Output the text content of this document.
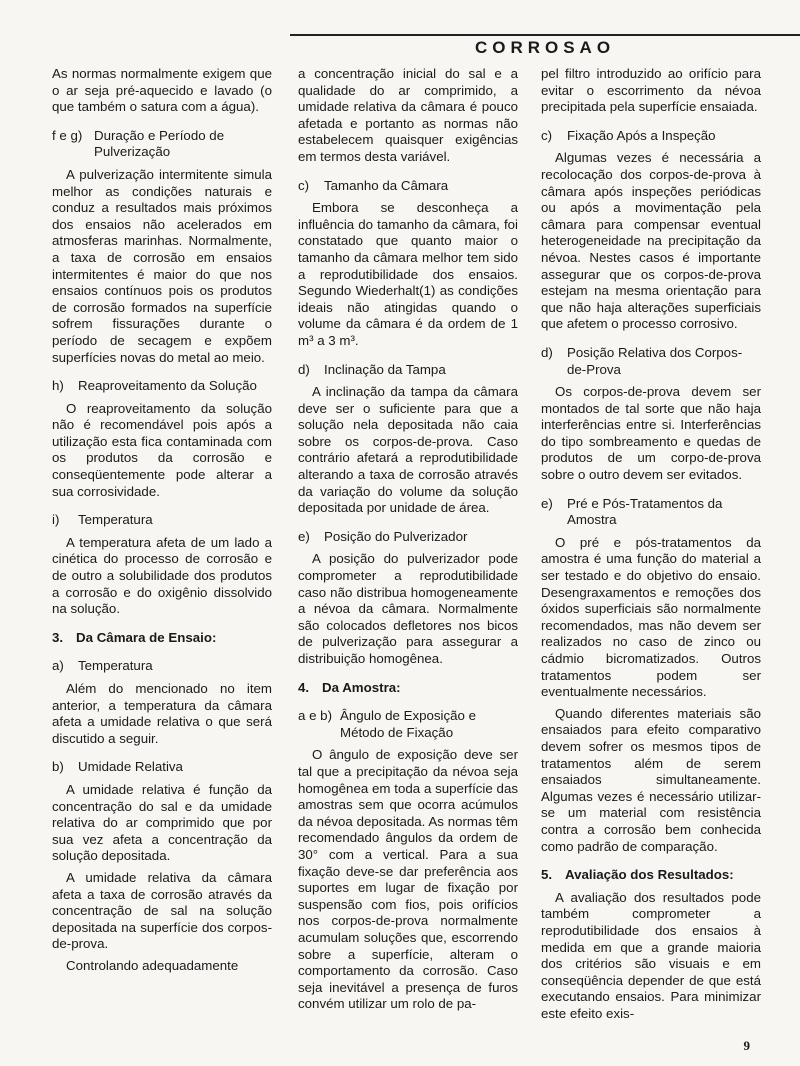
CORROSAO

As normas normalmente exigem que o ar seja pré-aquecido e lavado (o que também o satura com a água).

f e g) Duração e Período de Pulverização

A pulverização intermitente simula melhor as condições naturais e conduz a resultados mais próximos dos ensaios não acelerados em atmosferas marinhas. Normalmente, a taxa de corrosão em ensaios intermitentes é maior do que nos ensaios contínuos pois os produtos de corrosão formados na superfície sofrem fissurações durante o período de secagem e expõem superfícies novas do metal ao meio.

h)	Reaproveitamento da Solução

O reaproveitamento da solução não é recomendável pois após a utilização esta fica contaminada com os produtos da corrosão e conseqüentemente pode alterar a sua corrosividade.

i)	Temperatura

A temperatura afeta de um lado a cinética do processo de corrosão e de outro a solubilidade dos produtos a corrosão e do oxigênio dissolvido na solução.

3. Da Câmara de Ensaio:
a)	Temperatura

Além do mencionado no item anterior, a temperatura da câmara afeta a umidade relativa o que será discutido a seguir.

b)	Umidade Relativa

A umidade relativa é função da concentração do sal e da umidade relativa do ar comprimido que por sua vez afeta a concentração da solução depositada.

A umidade relativa da câmara afeta a taxa de corrosão através da concentração de sal na solução depositada na superfície dos corpos-de-prova.

Controlando adequadamente

a concentração inicial do sal e a qualidade do ar comprimido, a umidade relativa da câmara é pouco afetada e portanto as normas não estabelecem quaisquer exigências em termos desta variável.

c)	Tamanho da Câmara

Embora se desconheça a influência do tamanho da câmara, foi constatado que quanto maior o tamanho da câmara melhor tem sido a reprodutibilidade dos ensaios. Segundo Wiederhalt(1) as condições ideais não atingidas quando o volume da câmara é da ordem de 1 m³ a 3 m³.

d)	Inclinação da Tampa

A inclinação da tampa da câmara deve ser o suficiente para que a solução nela depositada não caia sobre os corpos-de-prova. Caso contrário afetará a reprodutibilidade alterando a taxa de corrosão através da variação do volume da solução depositada por unidade de área.

e)	Posição do Pulverizador

A posição do pulverizador pode comprometer a reprodutibilidade caso não distribua homogeneamente a névoa da câmara. Normalmente são colocados defletores nos bicos de pulverização para assegurar a distribuição homogênea.

4. Da Amostra:
a e b) Ângulo de Exposição e Método de Fixação

O ângulo de exposição deve ser tal que a precipitação da névoa seja homogênea em toda a superfície das amostras sem que ocorra acúmulos da névoa depositada. As normas têm recomendado ângulos da ordem de 30° com a vertical. Para a sua fixação deve-se dar preferência aos suportes em lugar de fixação por suspensão com fios, pois orifícios nos corpos-de-prova normalmente acumulam soluções que, escorrendo sobre a superfície, alteram o comportamento da corrosão. Caso seja inevitável a presença de furos convém utilizar um rolo de pa-

pel filtro introduzido ao orifício para evitar o escorrimento da névoa precipitada pela superfície ensaiada.

c)	Fixação Após a Inspeção

Algumas vezes é necessária a recolocação dos corpos-de-prova à câmara após inspeções periódicas ou após a movimentação pela câmara para compensar eventual heterogeneidade na precipitação da névoa. Nestes casos é importante assegurar que os corpos-de-prova estejam na mesma orientação para que não haja alterações superficiais que afetem o processo corrosivo.

d)	Posição Relativa dos Corpos-de-Prova

Os corpos-de-prova devem ser montados de tal sorte que não haja interferências entre si. Interferências do tipo sombreamento e quedas de produtos de um corpo-de-prova sobre o outro devem ser evitados.

e)	Pré e Pós-Tratamentos da Amostra

O pré e pós-tratamentos da amostra é uma função do material a ser testado e do objetivo do ensaio. Desengraxamentos e remoções dos óxidos superficiais são normalmente recomendados, mas não devem ser realizados no caso de zinco ou cádmio bicromatizados. Outros tratamentos podem ser eventualmente necessários.

Quando diferentes materiais são ensaiados para efeito comparativo devem sofrer os mesmos tipos de tratamentos além de serem ensaiados simultaneamente. Algumas vezes é necessário utilizar-se um material com resistência contra a corrosão bem conhecida como padrão de comparação.

5. Avaliação dos Resultados:

A avaliação dos resultados pode também comprometer a reprodutibilidade dos ensaios à medida em que a grande maioria dos critérios são visuais e em conseqüência depender de que está executando ensaios. Para minimizar este efeito exis-

9
